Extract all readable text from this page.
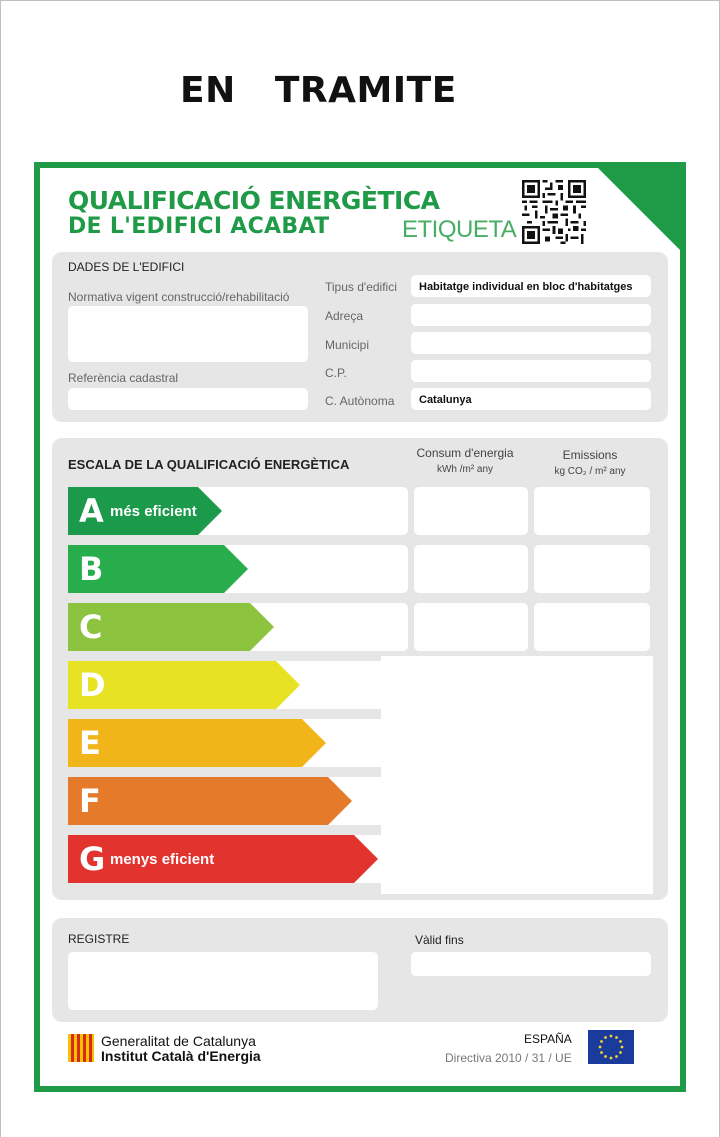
EN   TRAMITE
QUALIFICACIÓ ENERGÈTICA
DE L'EDIFICI ACABAT	ETIQUETA
DADES DE L'EDIFICI
Normativa vigent construcció/rehabilitació
Referència cadastral
Tipus d'edifici Habitatge individual en bloc d'habitatges
Adreça
Municipi
C.P.
C. Autònoma Catalunya
ESCALA DE LA QUALIFICACIÓ ENERGÈTICA
Consum d'energia
kWh /m² any
Emissions
kg CO₂ / m² any
A més eficient
B
C
D
E
F
G menys eficient
REGISTRE	Vàlid fins
Generalitat de Catalunya
Institut Català d'Energia
ESPAÑA
Directiva 2010 / 31 / UE
